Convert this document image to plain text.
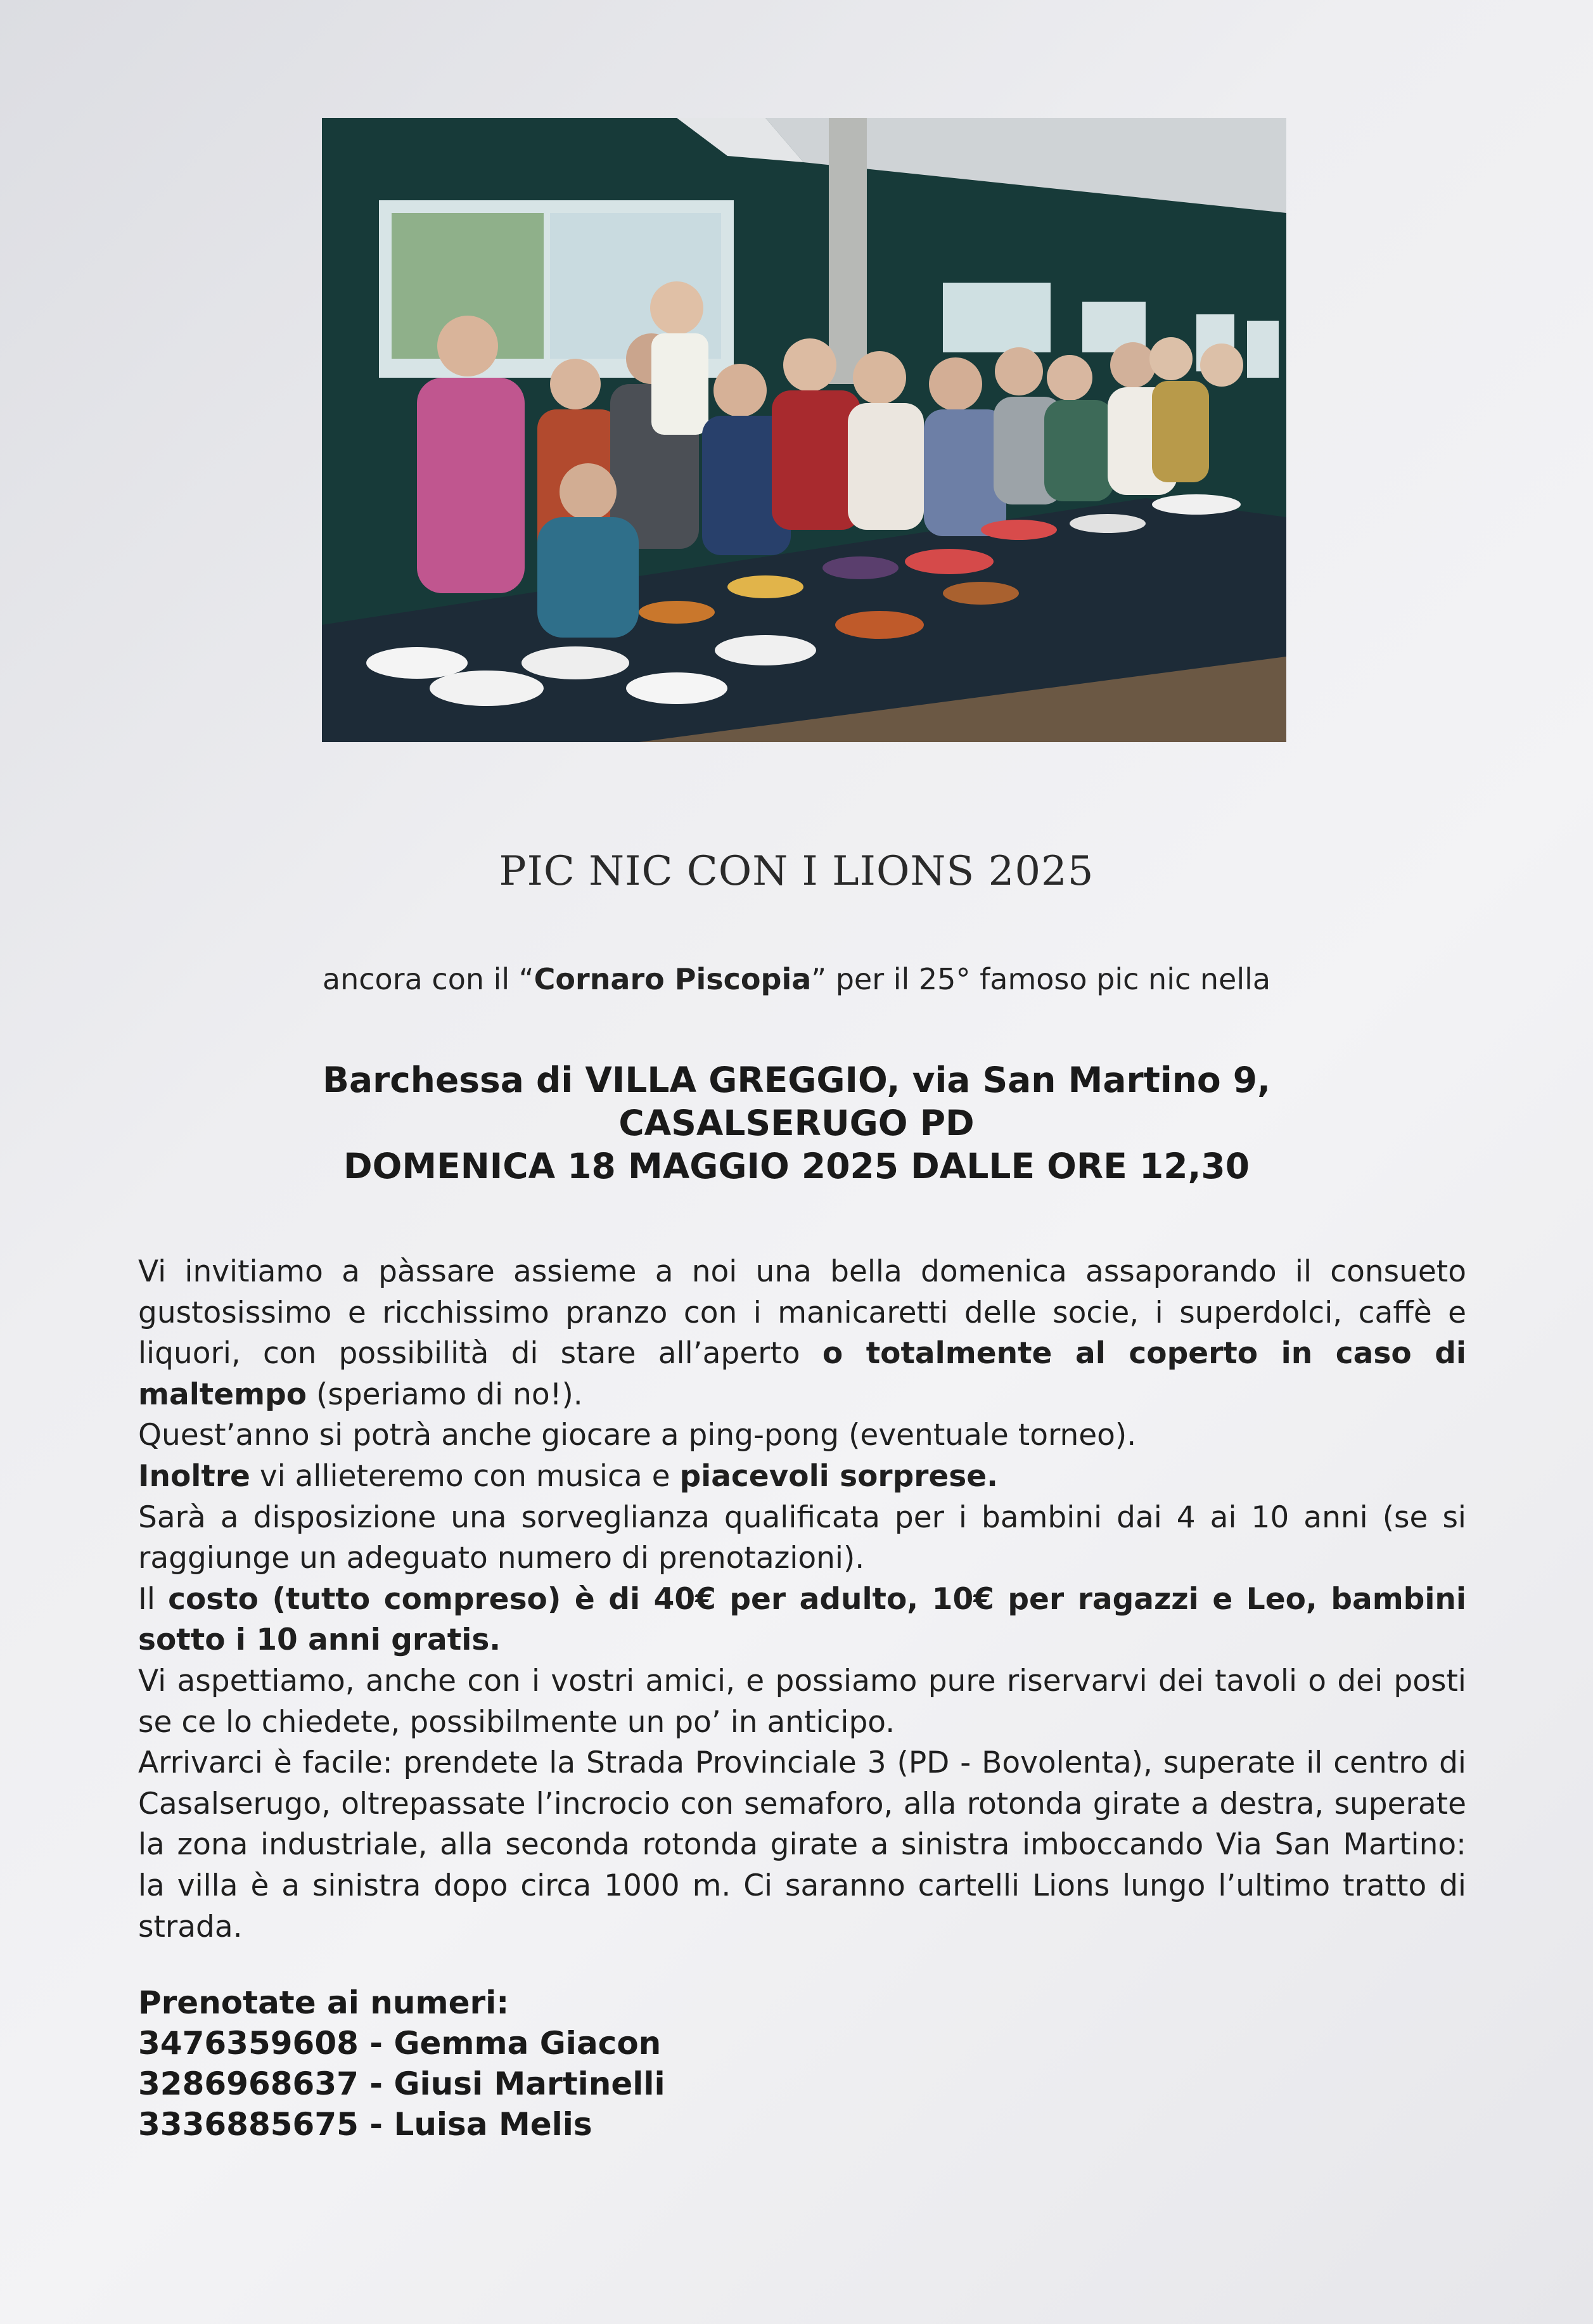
PIC NIC CON I LIONS 2025
ancora con il “Cornaro Piscopia” per il 25° famoso pic nic nella
Barchessa di VILLA GREGGIO, via San Martino 9,
CASALSERUGO PD
DOMENICA 18 MAGGIO 2025 DALLE ORE 12,30

Vi invitiamo a pàssare assieme a noi una bella domenica assaporando il consueto gustosissimo e ricchissimo pranzo con i manicaretti delle socie, i superdolci, caffè e liquori, con possibilità di stare all’aperto o totalmente al coperto in caso di maltempo (speriamo di no!).

Quest’anno si potrà anche giocare a ping-pong (eventuale torneo).

Inoltre vi allieteremo con musica e piacevoli sorprese.

Sarà a disposizione una sorveglianza qualificata per i bambini dai 4 ai 10 anni (se si raggiunge un adeguato numero di prenotazioni).

Il costo (tutto compreso) è di 40€ per adulto, 10€ per ragazzi e Leo, bambini sotto i 10 anni gratis.

Vi aspettiamo, anche con i vostri amici, e possiamo pure riservarvi dei tavoli o dei posti se ce lo chiedete, possibilmente un po’ in anticipo.

Arrivarci è facile: prendete la Strada Provinciale 3 (PD - Bovolenta), superate il centro di Casalserugo, oltrepassate l’incrocio con semaforo, alla rotonda girate a destra, superate la zona industriale, alla seconda rotonda girate a sinistra imboccando Via San Martino: la villa è a sinistra dopo circa 1000 m. Ci saranno cartelli Lions lungo l’ultimo tratto di strada.

Prenotate ai numeri:
3476359608 - Gemma Giacon
3286968637 - Giusi Martinelli
3336885675 - Luisa Melis
